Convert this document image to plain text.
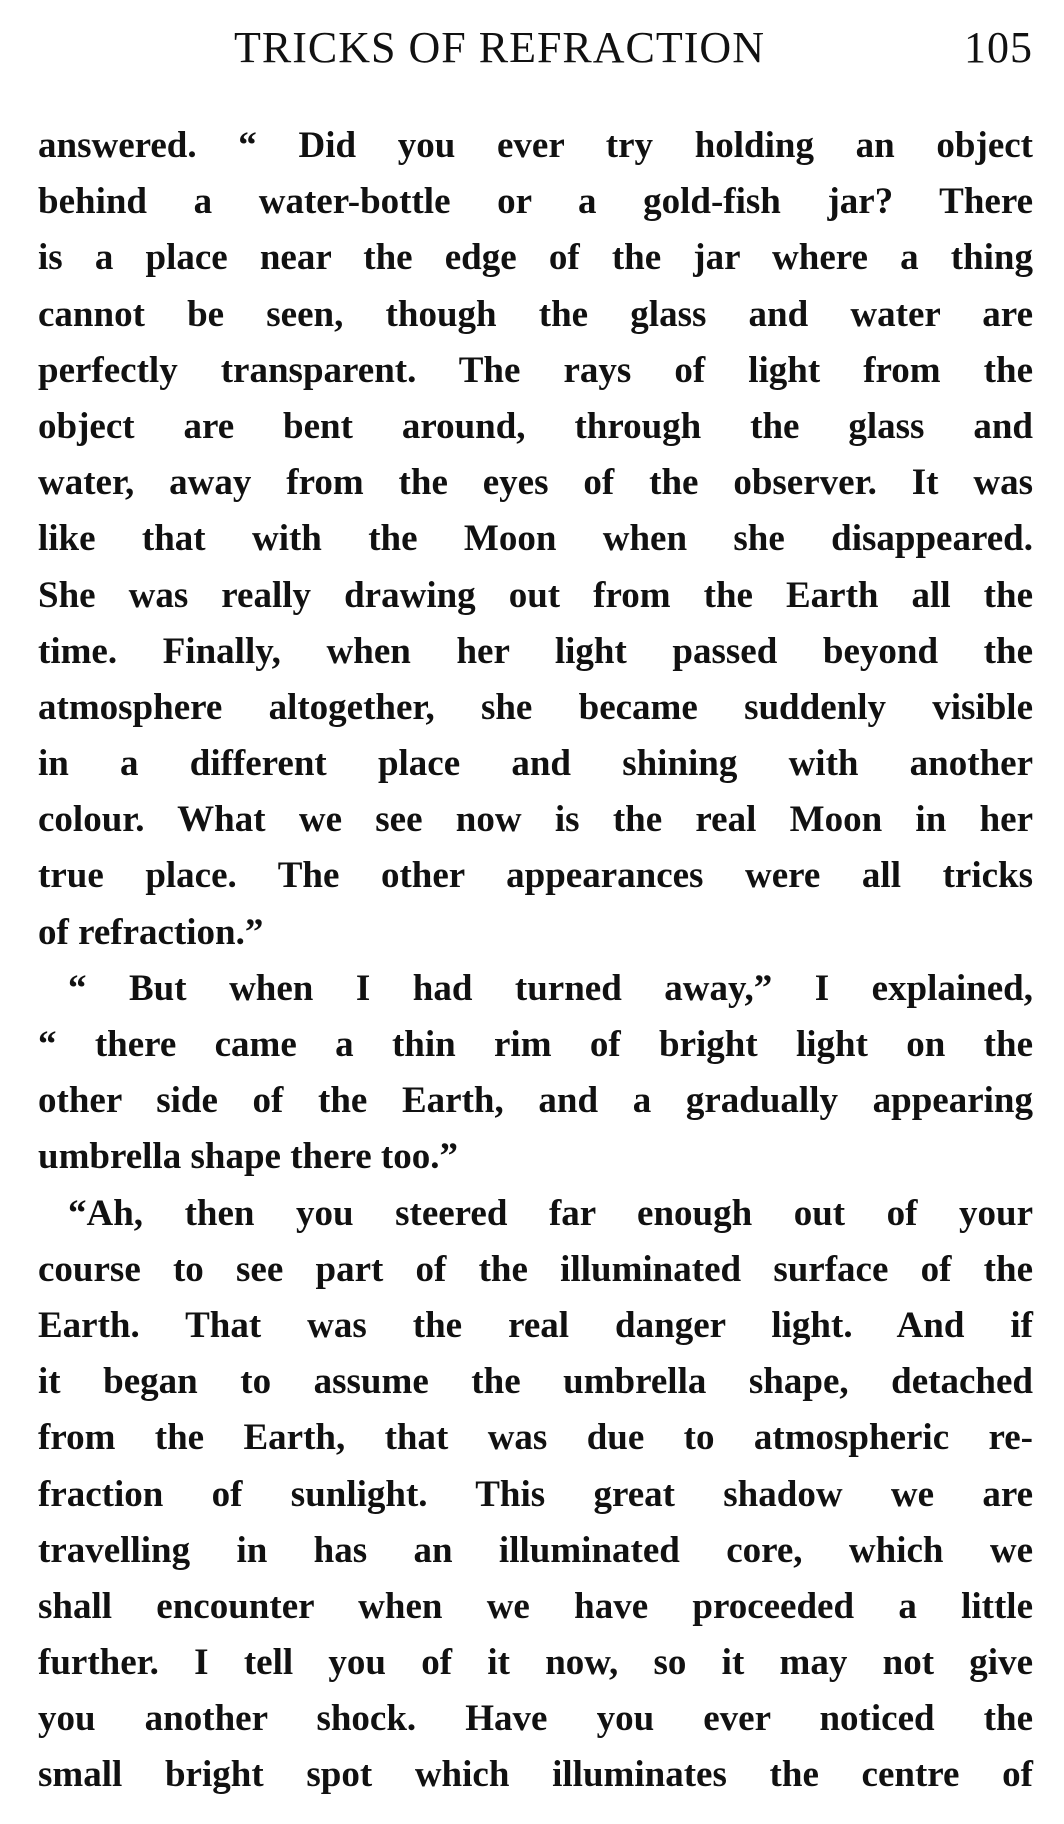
TRICKS OF REFRACTION	105
answered. “ Did you ever try holding an object
behind a water-bottle or a gold-fish jar? There
is a place near the edge of the jar where a thing
cannot be seen, though the glass and water are
perfectly transparent. The rays of light from the
object are bent around, through the glass and
water, away from the eyes of the observer. It was
like that with the Moon when she disappeared.
She was really drawing out from the Earth all the
time. Finally, when her light passed beyond the
atmosphere altogether, she became suddenly visible
in a different place and shining with another
colour. What we see now is the real Moon in her
true place. The other appearances were all tricks
of refraction.”
“ But when I had turned away,” I explained,
“ there came a thin rim of bright light on the
other side of the Earth, and a gradually appearing
umbrella shape there too.”
“Ah, then you steered far enough out of your
course to see part of the illuminated surface of the
Earth. That was the real danger light. And if
it began to assume the umbrella shape, detached
from the Earth, that was due to atmospheric re-
fraction of sunlight. This great shadow we are
travelling in has an illuminated core, which we
shall encounter when we have proceeded a little
further. I tell you of it now, so it may not give
you another shock. Have you ever noticed the
small bright spot which illuminates the centre of
